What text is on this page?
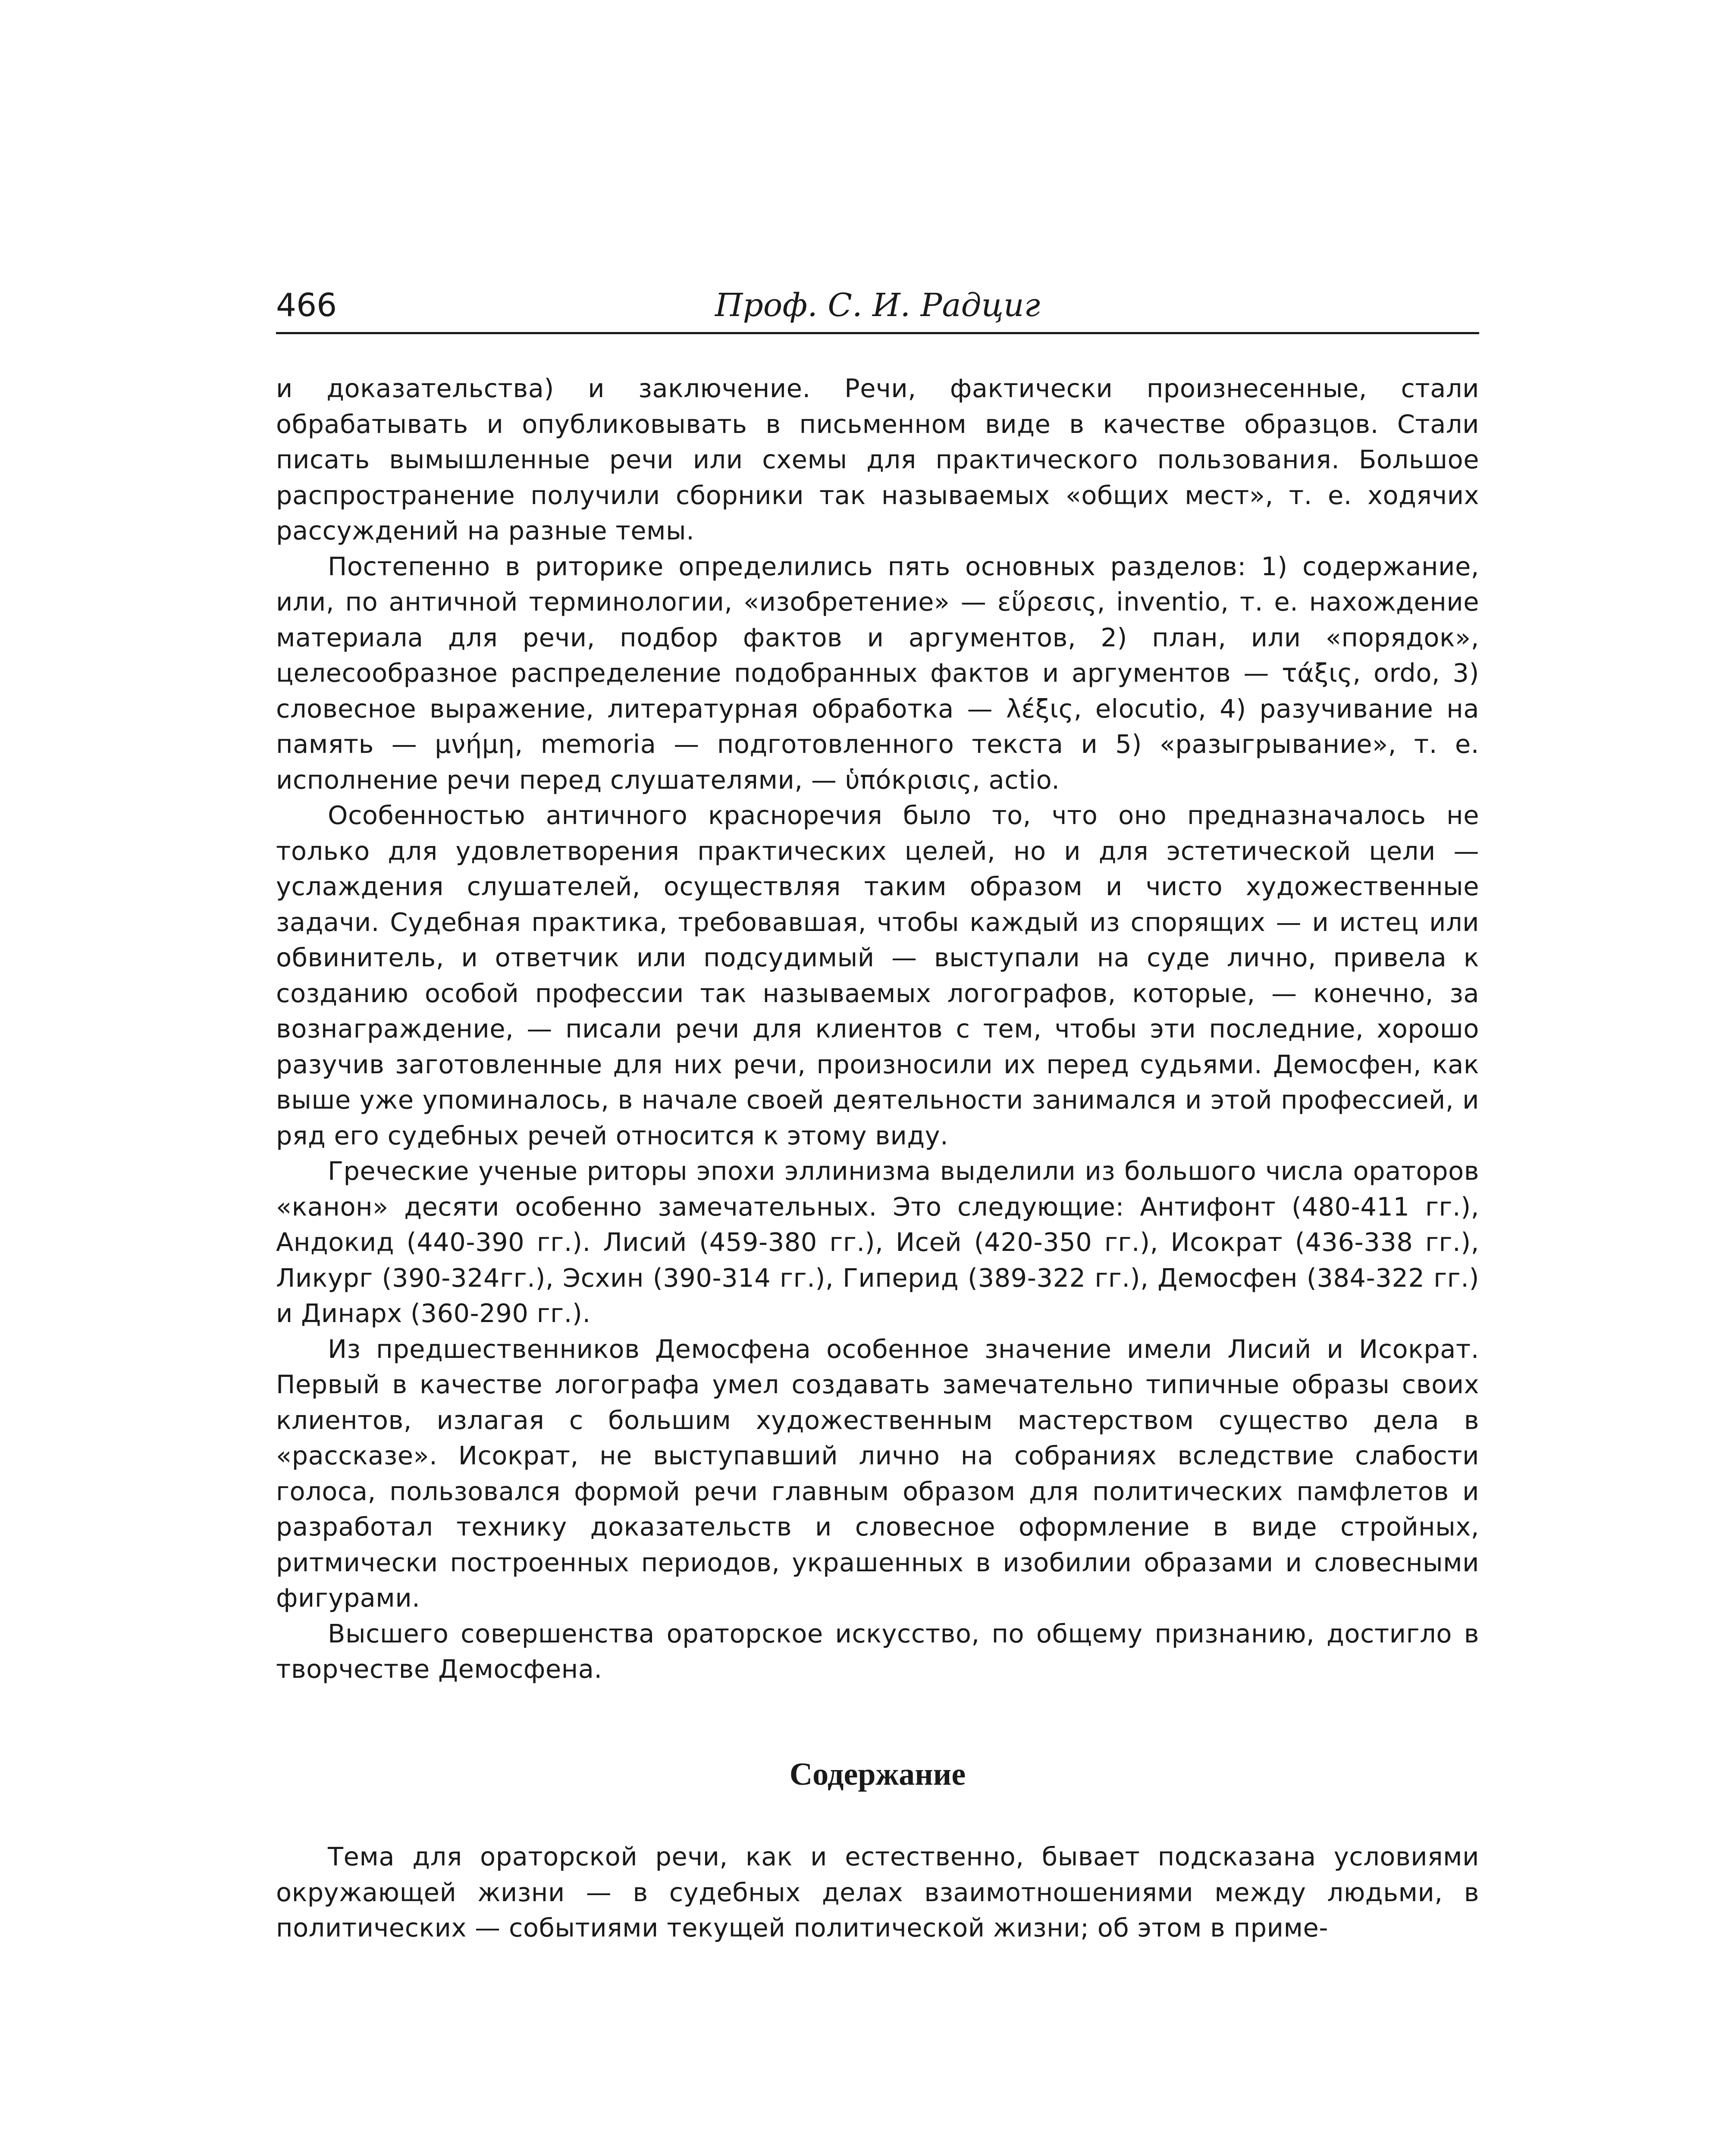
466	Проф. С. И. Радциг

и доказательства) и заключение. Речи, фактически произнесенные, стали обрабатывать и опубликовывать в письменном виде в качестве образцов. Стали писать вымышленные речи или схемы для практического пользования. Большое распространение получили сборники так называемых «общих мест», т. е. ходячих рассуждений на разные темы.

Постепенно в риторике определились пять основных разделов: 1) содержание, или, по античной терминологии, «изобретение» — εὕρεσις, inventio, т. е. нахождение материала для речи, подбор фактов и аргументов, 2) план, или «порядок», целесообразное распределение подобранных фактов и аргументов — τάξις, ordo, 3) словесное выражение, литературная обработка — λέξις, elocutio, 4) разучивание на память — μνήμη, memoria — подготовленного текста и 5) «разыгрывание», т. е. исполнение речи перед слушателями, — ὑπόκρισις, actio.

Особенностью античного красноречия было то, что оно предназначалось не только для удовлетворения практических целей, но и для эстетической цели — услаждения слушателей, осуществляя таким образом и чисто художественные задачи. Судебная практика, требовавшая, чтобы каждый из спорящих — и истец или обвинитель, и ответчик или подсудимый — выступали на суде лично, привела к созданию особой профессии так называемых логографов, которые, — конечно, за вознаграждение, — писали речи для клиентов с тем, чтобы эти последние, хорошо разучив заготовленные для них речи, произносили их перед судьями. Демосфен, как выше уже упоминалось, в начале своей деятельности занимался и этой профессией, и ряд его судебных речей относится к этому виду.

Греческие ученые риторы эпохи эллинизма выделили из большого числа ораторов «канон» десяти особенно замечательных. Это следующие: Антифонт (480-411 гг.), Андокид (440-390 гг.). Лисий (459-380 гг.), Исей (420-350 гг.), Исократ (436-338 гг.), Ликург (390-324гг.), Эсхин (390-314 гг.), Гиперид (389-322 гг.), Демосфен (384-322 гг.) и Динарх (360-290 гг.).

Из предшественников Демосфена особенное значение имели Лисий и Исократ. Первый в качестве логографа умел создавать замечательно типичные образы своих клиентов, излагая с большим художественным мастерством существо дела в «рассказе». Исократ, не выступавший лично на собраниях вследствие слабости голоса, пользовался формой речи главным образом для политических памфлетов и разработал технику доказательств и словесное оформление в виде стройных, ритмически построенных периодов, украшенных в изобилии образами и словесными фигурами.

Высшего совершенства ораторское искусство, по общему признанию, достигло в творчестве Демосфена.

Содержание

Тема для ораторской речи, как и естественно, бывает подсказана условиями окружающей жизни — в судебных делах взаимотношениями между людьми, в политических — событиями текущей политической жизни; об этом в приме-
